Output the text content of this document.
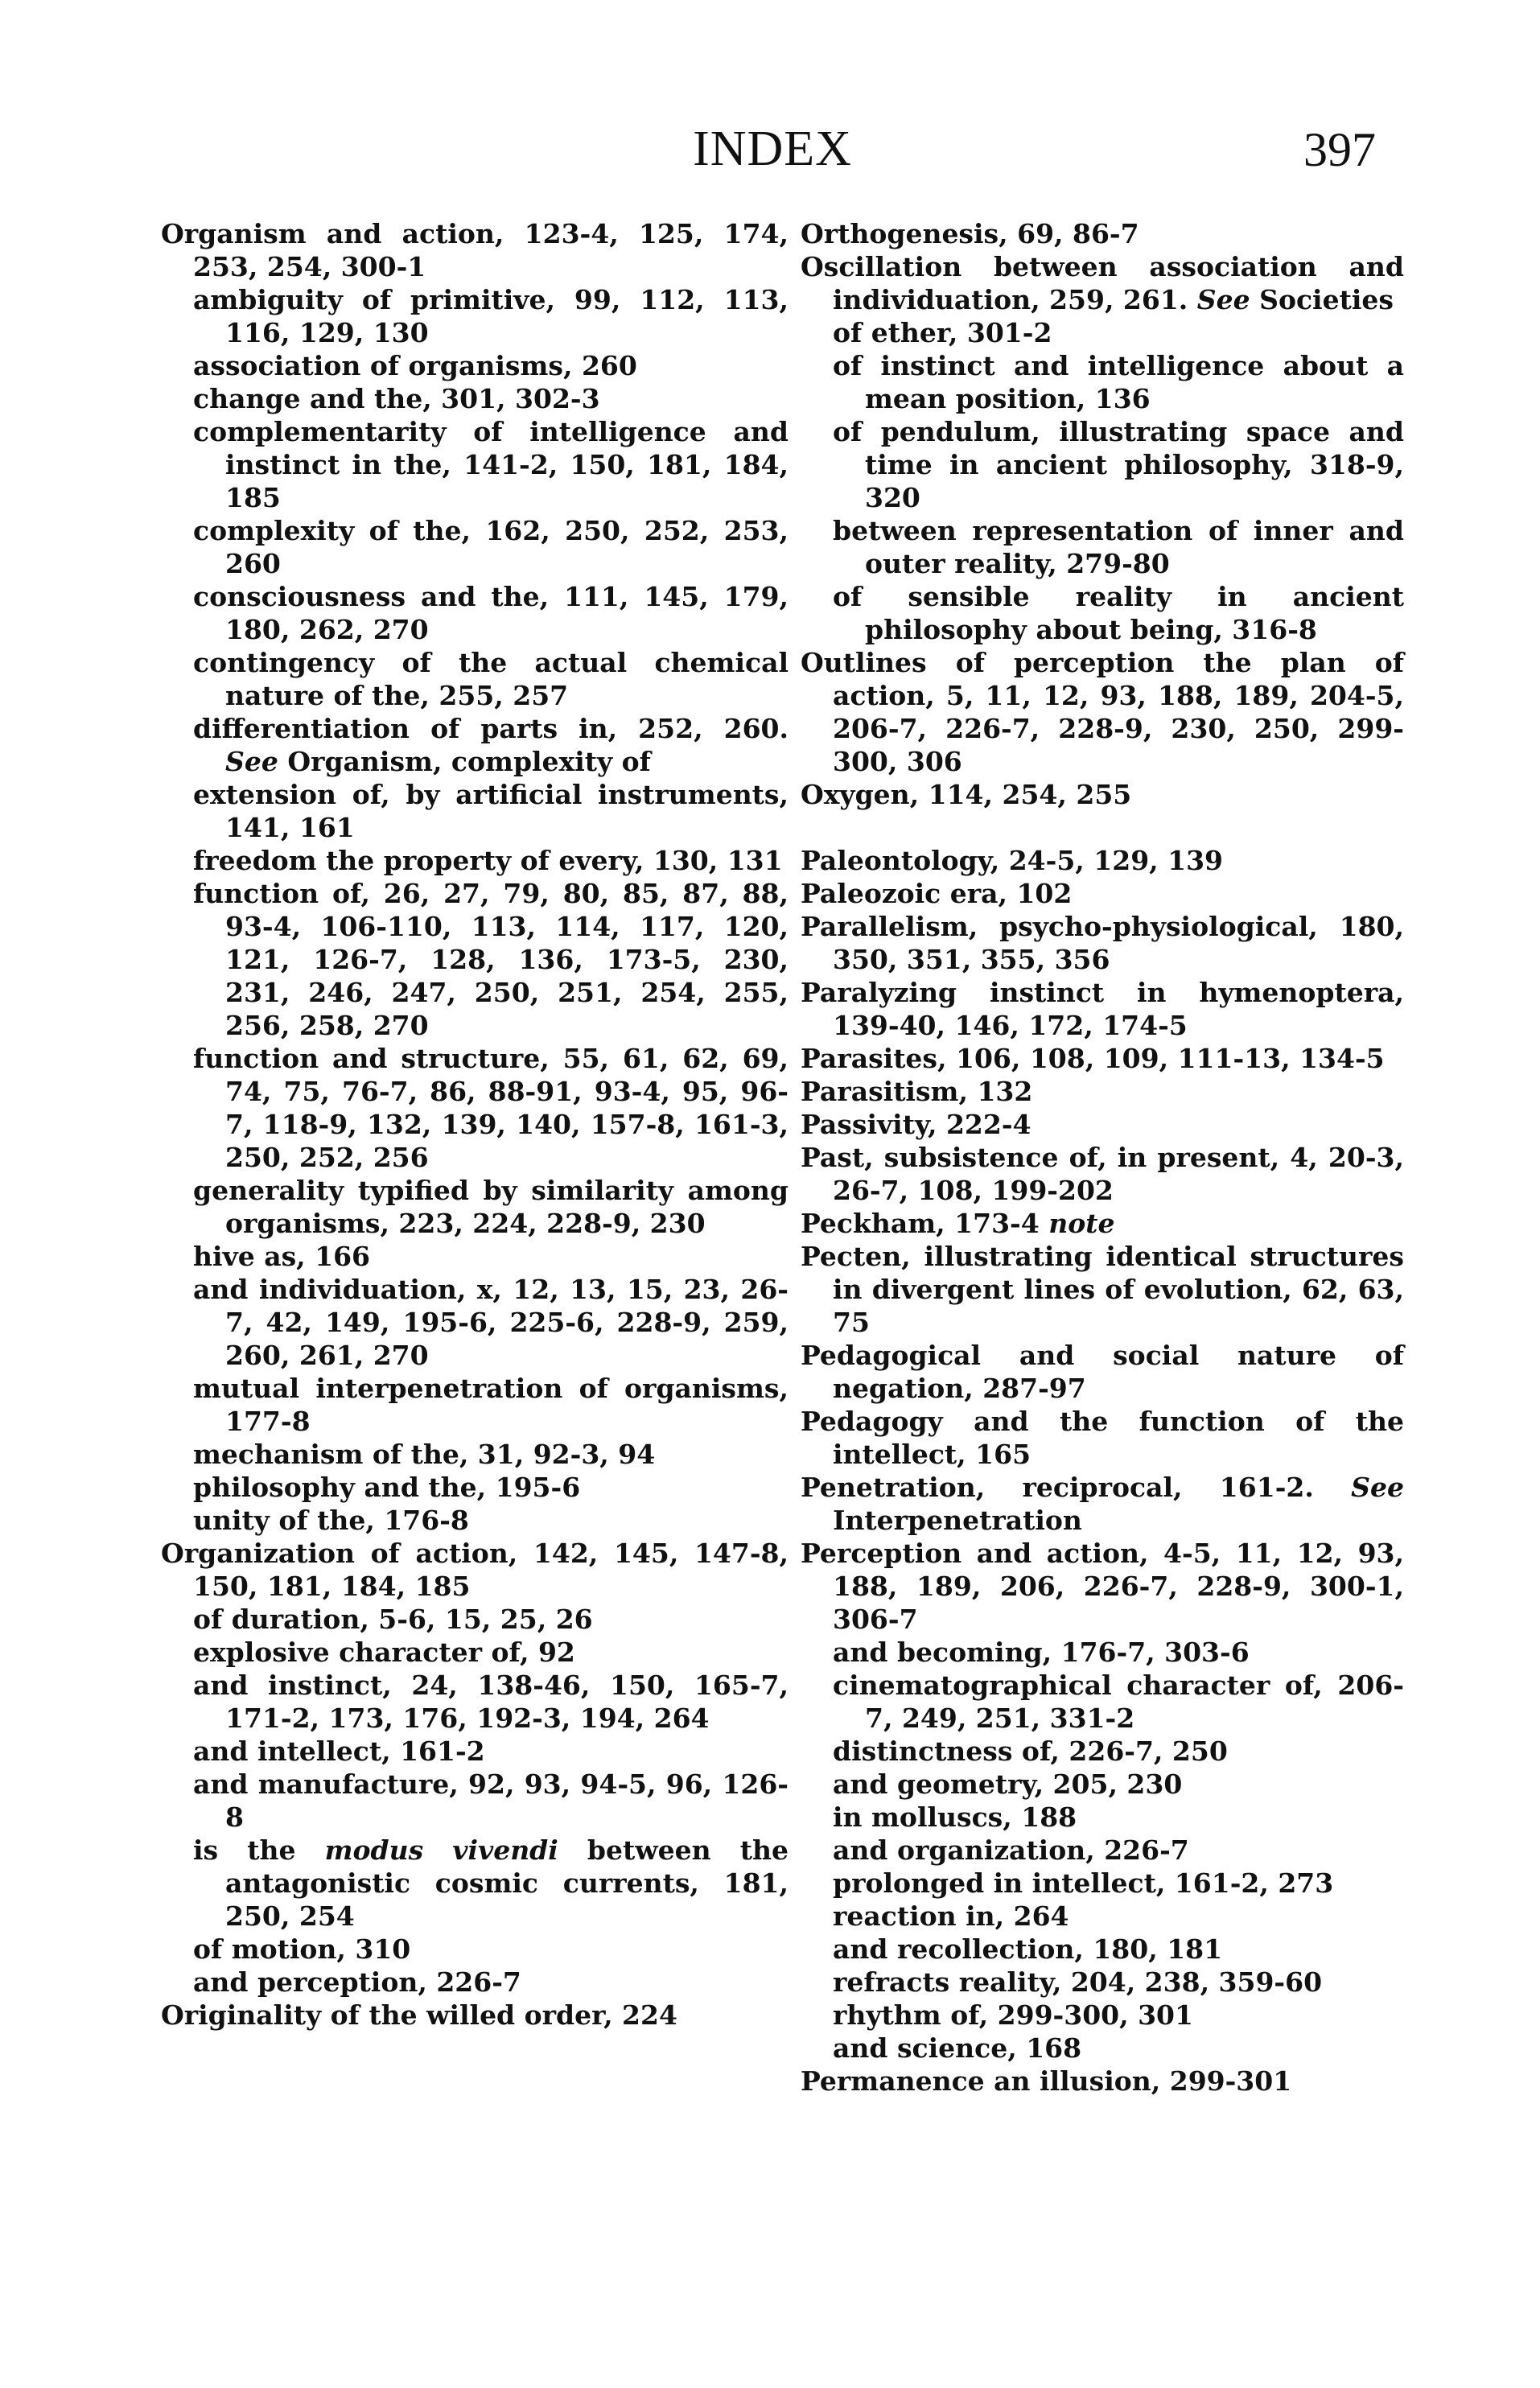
INDEX	397
Organism and action, 123-4, 125, 174, 253, 254, 300-1
ambiguity of primitive, 99, 112, 113, 116, 129, 130
association of organisms, 260
change and the, 301, 302-3
complementarity of intelligence and instinct in the, 141-2, 150, 181, 184, 185
complexity of the, 162, 250, 252, 253, 260
consciousness and the, 111, 145, 179, 180, 262, 270
contingency of the actual chemical nature of the, 255, 257
differentiation of parts in, 252, 260. See Organism, complexity of
extension of, by artificial instruments, 141, 161
freedom the property of every, 130, 131
function of, 26, 27, 79, 80, 85, 87, 88, 93-4, 106-110, 113, 114, 117, 120, 121, 126-7, 128, 136, 173-5, 230, 231, 246, 247, 250, 251, 254, 255, 256, 258, 270
function and structure, 55, 61, 62, 69, 74, 75, 76-7, 86, 88-91, 93-4, 95, 96-7, 118-9, 132, 139, 140, 157-8, 161-3, 250, 252, 256
generality typified by similarity among organisms, 223, 224, 228-9, 230
hive as, 166
and individuation, x, 12, 13, 15, 23, 26-7, 42, 149, 195-6, 225-6, 228-9, 259, 260, 261, 270
mutual interpenetration of organisms, 177-8
mechanism of the, 31, 92-3, 94
philosophy and the, 195-6
unity of the, 176-8
Organization of action, 142, 145, 147-8, 150, 181, 184, 185
of duration, 5-6, 15, 25, 26
explosive character of, 92
and instinct, 24, 138-46, 150, 165-7, 171-2, 173, 176, 192-3, 194, 264
and intellect, 161-2
and manufacture, 92, 93, 94-5, 96, 126-8
is the modus vivendi between the antagonistic cosmic currents, 181, 250, 254
of motion, 310
and perception, 226-7
Originality of the willed order, 224
Orthogenesis, 69, 86-7
Oscillation between association and individuation, 259, 261. See Societies
of ether, 301-2
of instinct and intelligence about a mean position, 136
of pendulum, illustrating space and time in ancient philosophy, 318-9, 320
between representation of inner and outer reality, 279-80
of sensible reality in ancient philosophy about being, 316-8
Outlines of perception the plan of action, 5, 11, 12, 93, 188, 189, 204-5, 206-7, 226-7, 228-9, 230, 250, 299-300, 306
Oxygen, 114, 254, 255
Paleontology, 24-5, 129, 139
Paleozoic era, 102
Parallelism, psycho-physiological, 180, 350, 351, 355, 356
Paralyzing instinct in hymenoptera, 139-40, 146, 172, 174-5
Parasites, 106, 108, 109, 111-13, 134-5
Parasitism, 132
Passivity, 222-4
Past, subsistence of, in present, 4, 20-3, 26-7, 108, 199-202
Peckham, 173-4 note
Pecten, illustrating identical structures in divergent lines of evolution, 62, 63, 75
Pedagogical and social nature of negation, 287-97
Pedagogy and the function of the intellect, 165
Penetration, reciprocal, 161-2. See Interpenetration
Perception and action, 4-5, 11, 12, 93, 188, 189, 206, 226-7, 228-9, 300-1, 306-7
and becoming, 176-7, 303-6
cinematographical character of, 206-7, 249, 251, 331-2
distinctness of, 226-7, 250
and geometry, 205, 230
in molluscs, 188
and organization, 226-7
prolonged in intellect, 161-2, 273
reaction in, 264
and recollection, 180, 181
refracts reality, 204, 238, 359-60
rhythm of, 299-300, 301
and science, 168
Permanence an illusion, 299-301
